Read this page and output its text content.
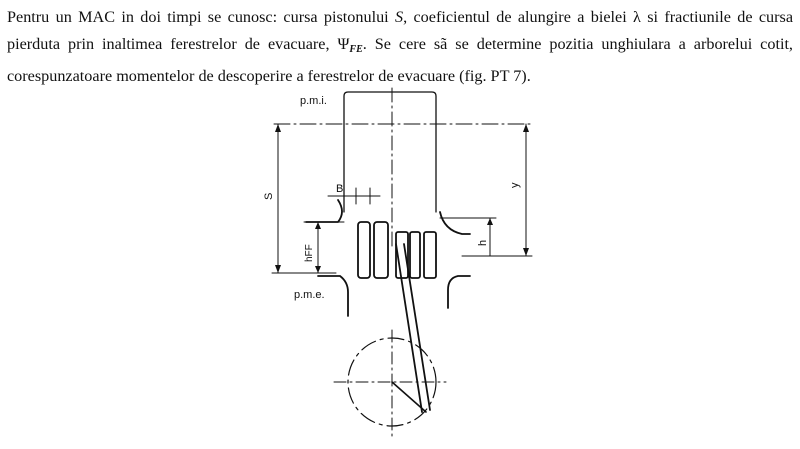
Pentru un MAC in doi timpi se cunosc: cursa pistonului S, coeficientul de alungire a bielei λ si fractiunile de cursa pierduta prin inaltimea ferestrelor de evacuare, $\Psi_{FE}$. Se cere sã se determine pozitia unghiulara a arborelui cotit, corespunzatoare momentelor de descoperire a ferestrelor de evacuare (fig. PT 7).

p.m.i.
p.m.e.
S
B	y
h
hFF
